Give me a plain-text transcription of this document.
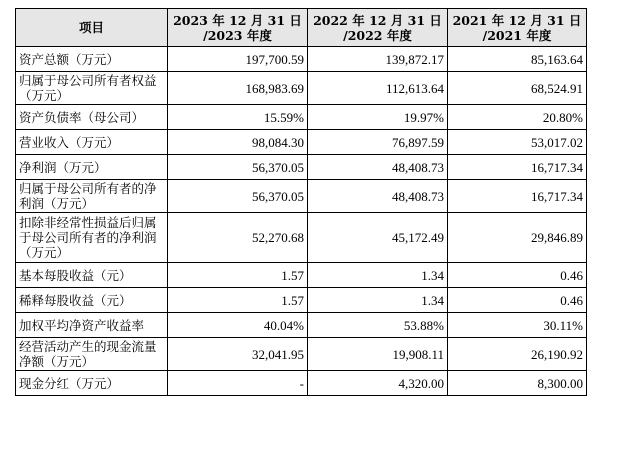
项目	2023 年 12 月 31 日 /2023 年度	2022 年 12 月 31 日 /2022 年度	2021 年 12 月 31 日 /2021 年度
资产总额（万元）	197,700.59	139,872.17	85,163.64
归属于母公司所有者权益（万元）	168,983.69	112,613.64	68,524.91
资产负债率（母公司）	15.59%	19.97%	20.80%
营业收入（万元）	98,084.30	76,897.59	53,017.02
净利润（万元）	56,370.05	48,408.73	16,717.34
归属于母公司所有者的净利润（万元）	56,370.05	48,408.73	16,717.34
扣除非经常性损益后归属于母公司所有者的净利润（万元）	52,270.68	45,172.49	29,846.89
基本每股收益（元）	1.57	1.34	0.46
稀释每股收益（元）	1.57	1.34	0.46
加权平均净资产收益率	40.04%	53.88%	30.11%
经营活动产生的现金流量净额（万元）	32,041.95	19,908.11	26,190.92
现金分红（万元）	-	4,320.00	8,300.00
